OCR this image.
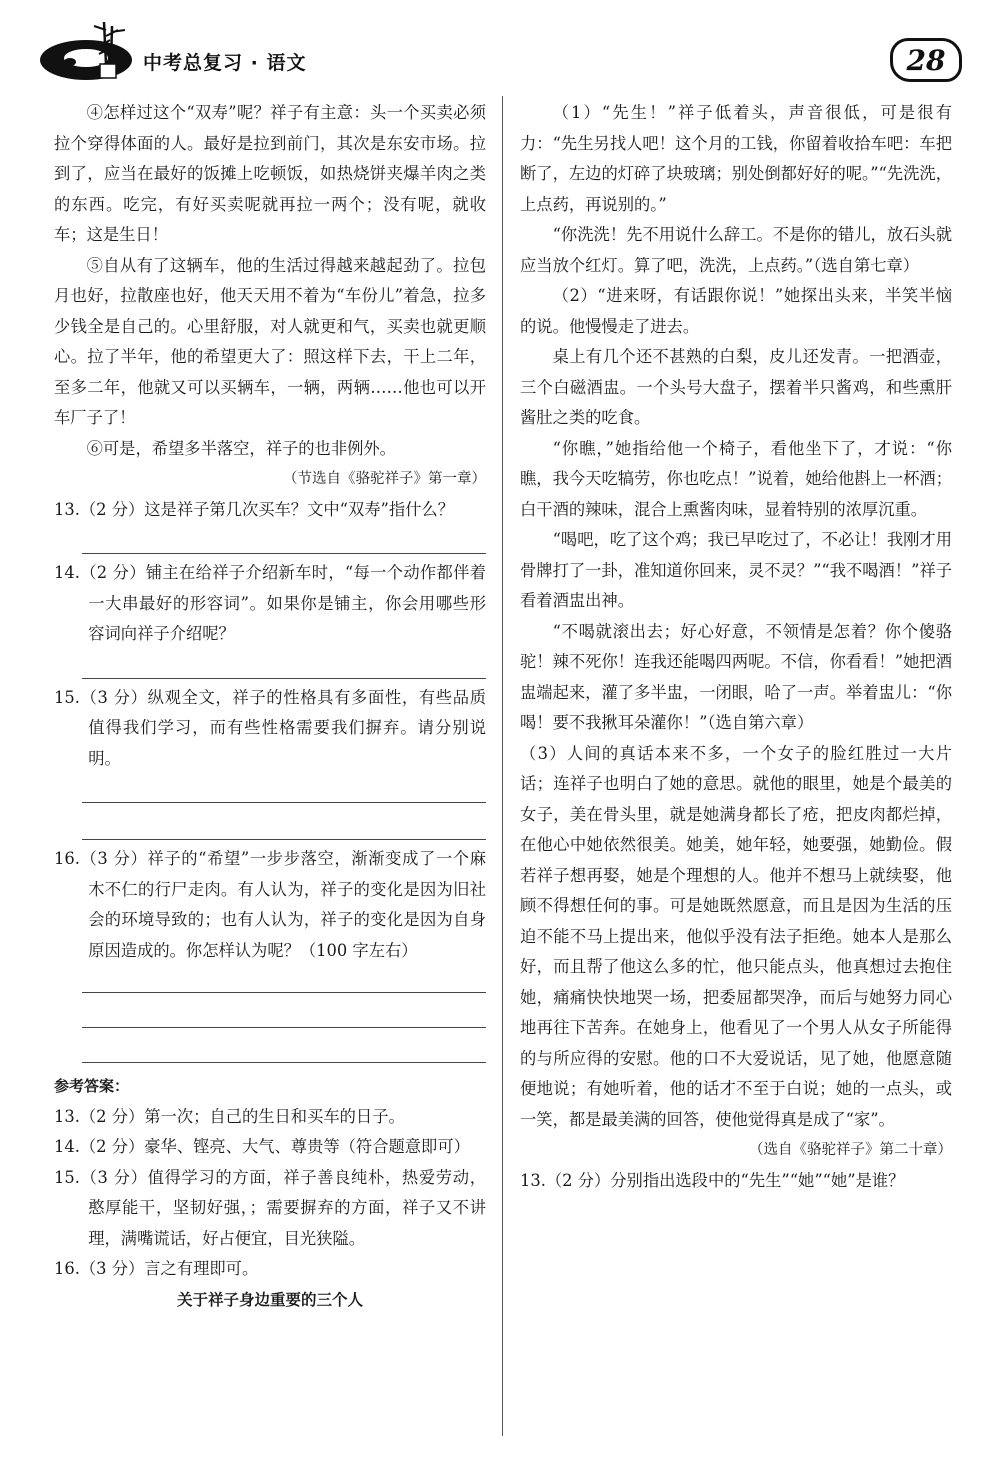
中考总复习 · 语文	28

④怎样过这个“双寿”呢？祥子有主意：头一个买卖必须拉个穿得体面的人。最好是拉到前门，其次是东安市场。拉到了，应当在最好的饭摊上吃顿饭，如热烧饼夹爆羊肉之类 的东西。吃完，有好买卖呢就再拉一两个；没有呢，就收车；这是生日！

⑤自从有了这辆车，他的生活过得越来越起劲了。拉包月也好，拉散座也好，他天天用不着为“车份儿”着急，拉多少钱全是自己的。心里舒服，对人就更和气，买卖也就更顺心。拉了半年，他的希望更大了：照这样下去，干上二年，至多二年，他就又可以买辆车，一辆，两辆……他也可以开车厂子了！

⑥可是，希望多半落空，祥子的也非例外。

（节选自《骆驼祥子》第一章）

13.（2 分）这是祥子第几次买车？文中“双寿”指什么？

14.（2 分）铺主在给祥子介绍新车时，“每一个动作都伴着一大串最好的形容词”。如果你是铺主，你会用哪些形容词向祥子介绍呢？

15.（3 分）纵观全文，祥子的性格具有多面性，有些品质值得我们学习，而有些性格需要我们摒弃。请分别说明。

16.（3 分）祥子的“希望”一步步落空，渐渐变成了一个麻木不仁的行尸走肉。有人认为，祥子的变化是因为旧社会的环境导致的；也有人认为，祥子的变化是因为自身原因造成的。你怎样认为呢？（100 字左右）

参考答案：

13.（2 分）第一次；自己的生日和买车的日子。

14.（2 分）豪华、铿亮、大气、尊贵等（符合题意即可）

15.（3 分）值得学习的方面，祥子善良纯朴，热爱劳动，憨厚能干，坚韧好强，；需要摒弃的方面，祥子又不讲理，满嘴谎话，好占便宜，目光狭隘。

16.（3 分）言之有理即可。

关于祥子身边重要的三个人

（1）“先生！”祥子低着头，声音很低，可是很有力：“先生另找人吧！这个月的工钱，你留着收拾车吧：车把断了，左边的灯碎了块玻璃；别处倒都好好的呢。”“先洗洗，上点药，再说别的。”

“你洗洗！先不用说什么辞工。不是你的错儿，放石头就应当放个红灯。算了吧，洗洗，上点药。”（选自第七章）

（2）“进来呀，有话跟你说！”她探出头来，半笑半恼的说。他慢慢走了进去。

桌上有几个还不甚熟的白梨，皮儿还发青。一把酒壶，三个白磁酒盅。一个头号大盘子，摆着半只酱鸡，和些熏肝酱肚之类的吃食。

“你瞧，”她指给他一个椅子，看他坐下了，才说：“你瞧，我今天吃犒劳，你也吃点！”说着，她给他斟上一杯酒；白干酒的辣味，混合上熏酱肉味，显着特别的浓厚沉重。

“喝吧，吃了这个鸡；我已早吃过了，不必让！我刚才用骨牌打了一卦，准知道你回来，灵不灵？”“我不喝酒！”祥子看着酒盅出神。

“不喝就滚出去；好心好意，不领情是怎着？你个傻骆驼！辣不死你！连我还能喝四两呢。不信，你看看！”她把酒盅端起来，灌了多半盅，一闭眼，哈了一声。举着盅儿：“你喝！要不我揪耳朵灌你！”（选自第六章）

（3）人间的真话本来不多，一个女子的脸红胜过一大片话；连祥子也明白了她的意思。就他的眼里，她是个最美的女子，美在骨头里，就是她满身都长了疮，把皮肉都烂掉，在他心中她依然很美。她美，她年轻，她要强，她勤俭。假若祥子想再娶，她是个理想的人。他并不想马上就续娶，他顾不得想任何的事。可是她既然愿意，而且是因为生活的压迫不能不马上提出来，他似乎没有法子拒绝。她本人是那么好，而且帮了他这么多的忙，他只能点头，他真想过去抱住她，痛痛快快地哭一场，把委屈都哭净，而后与她努力同心地再往下苦奔。在她身上，他看见了一个男人从女子所能得的与所应得的安慰。他的口不大爱说话，见了她，他愿意随便地说；有她听着，他的话才不至于白说；她的一点头，或一笑，都是最美满的回答，使他觉得真是成了“家”。

（选自《骆驼祥子》第二十章）

13.（2 分）分别指出选段中的“先生”“她”“她”是谁？
